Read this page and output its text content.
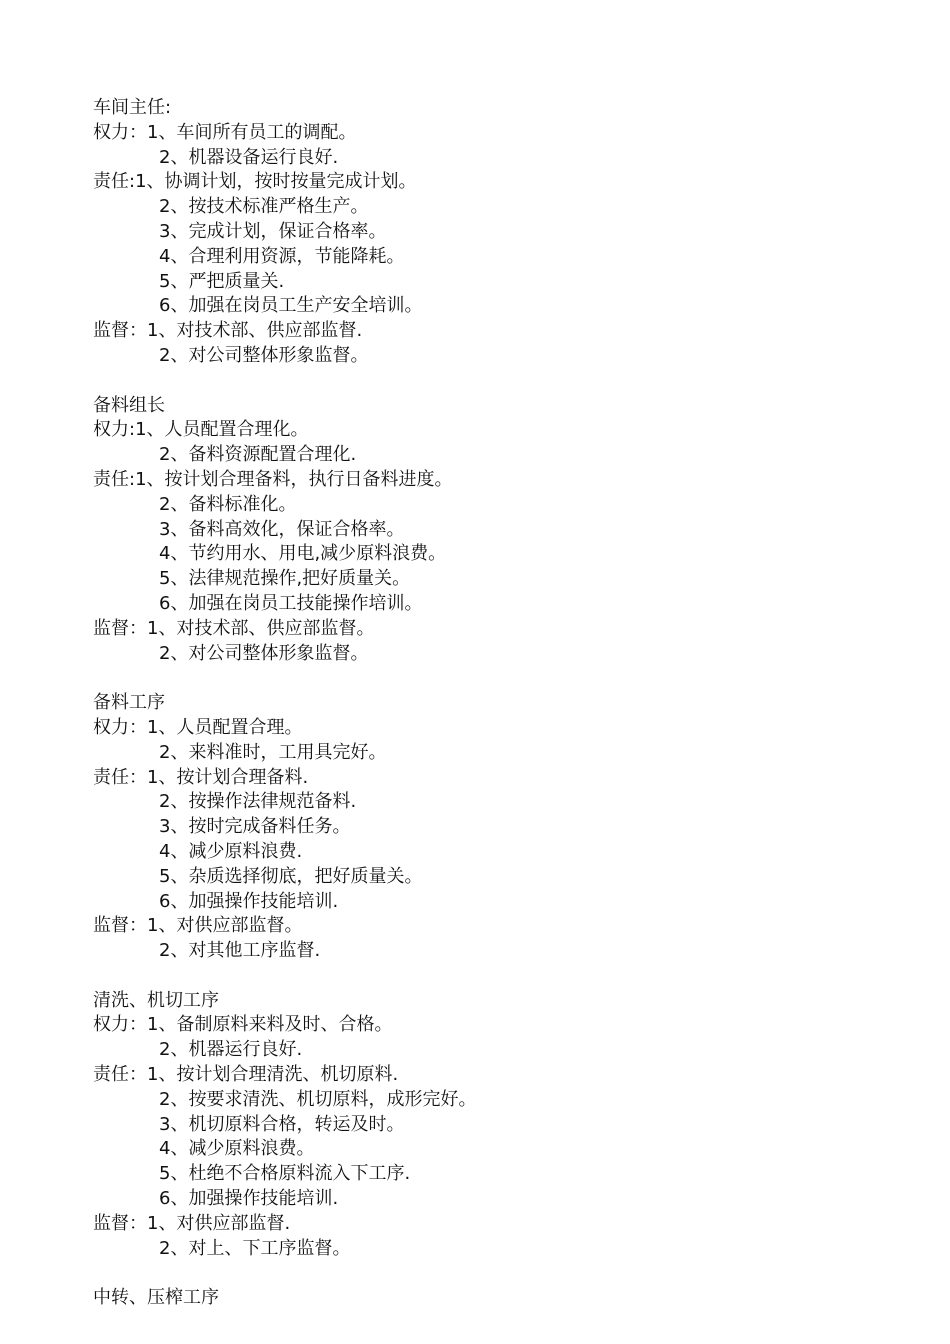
车间主任:
权力：1、车间所有员工的调配。
2、机器设备运行良好.
责任:1、协调计划，按时按量完成计划。
2、按技术标准严格生产。
3、完成计划，保证合格率。
4、合理利用资源，节能降耗。
5、严把质量关.
6、加强在岗员工生产安全培训。
监督：1、对技术部、供应部监督.
2、对公司整体形象监督。
备料组长
权力:1、人员配置合理化。
2、备料资源配置合理化.
责任:1、按计划合理备料，执行日备料进度。
2、备料标准化。
3、备料高效化，保证合格率。
4、节约用水、用电,减少原料浪费。
5、法律规范操作,把好质量关。
6、加强在岗员工技能操作培训。
监督：1、对技术部、供应部监督。
2、对公司整体形象监督。
备料工序
权力：1、人员配置合理。
2、来料准时，工用具完好。
责任：1、按计划合理备料.
2、按操作法律规范备料.
3、按时完成备料任务。
4、减少原料浪费.
5、杂质选择彻底，把好质量关。
6、加强操作技能培训.
监督：1、对供应部监督。
2、对其他工序监督.
清洗、机切工序
权力：1、备制原料来料及时、合格。
2、机器运行良好.
责任：1、按计划合理清洗、机切原料.
2、按要求清洗、机切原料，成形完好。
3、机切原料合格，转运及时。
4、减少原料浪费。
5、杜绝不合格原料流入下工序.
6、加强操作技能培训.
监督：1、对供应部监督.
2、对上、下工序监督。
中转、压榨工序
